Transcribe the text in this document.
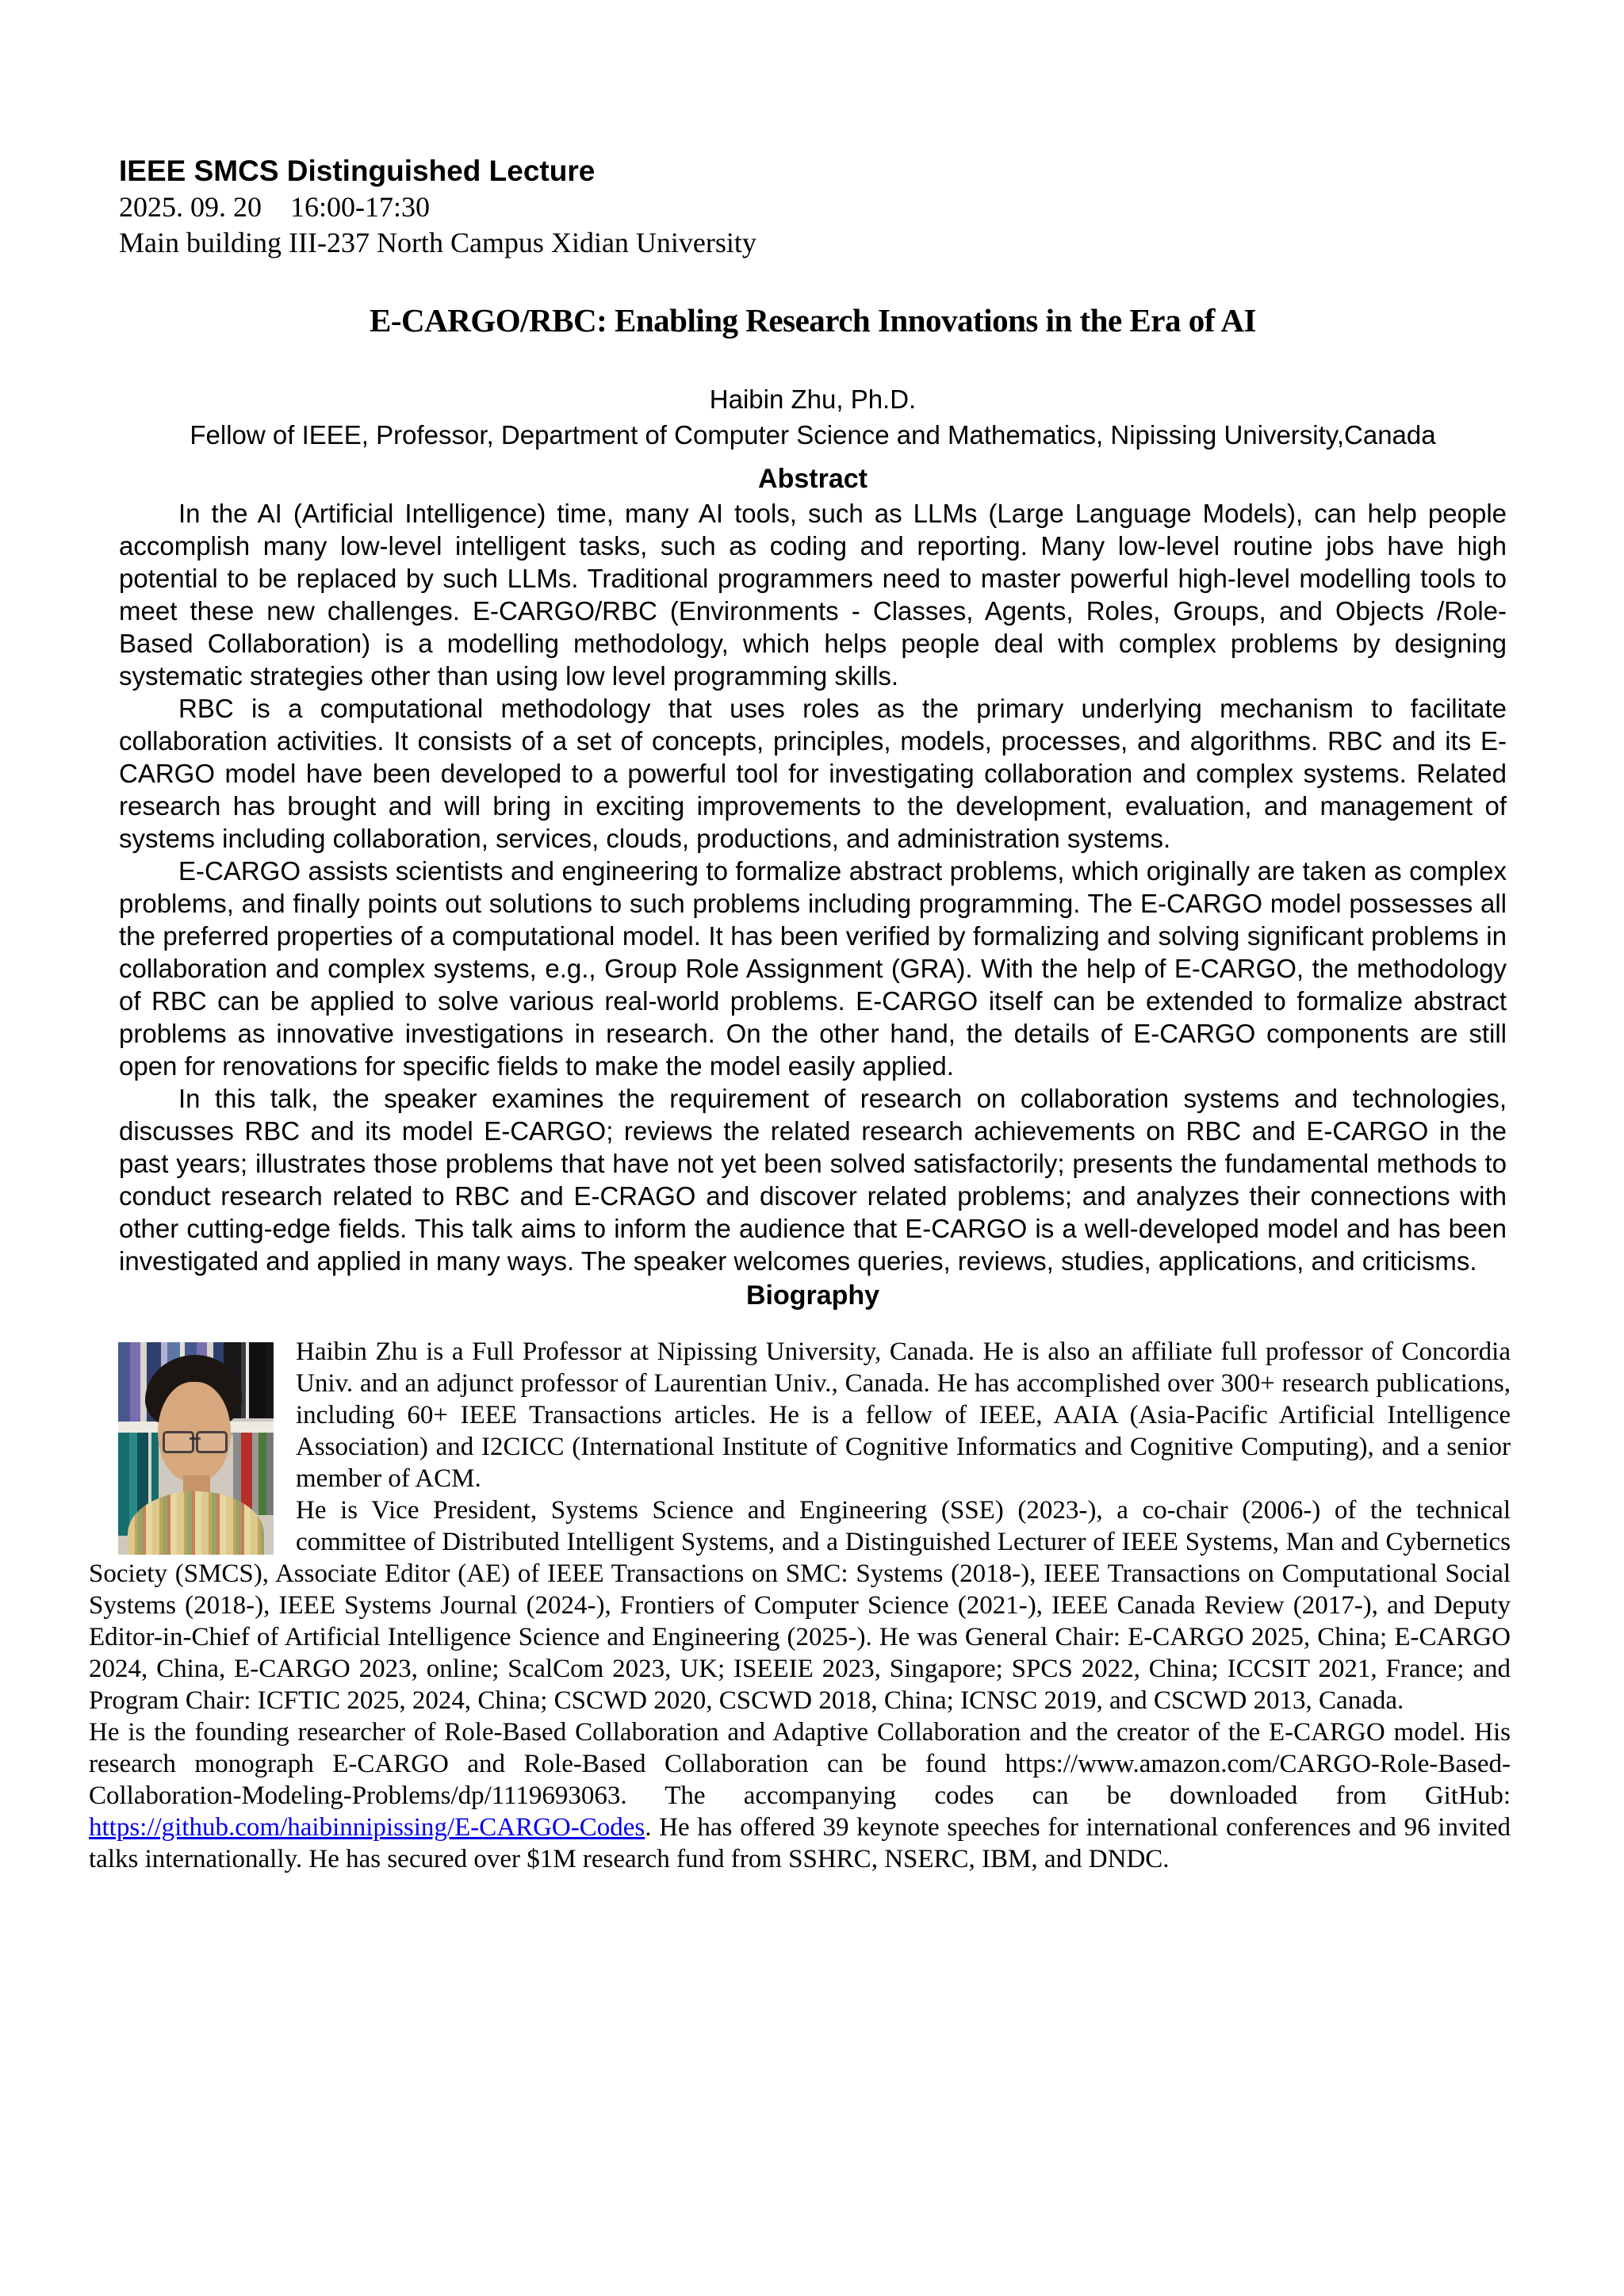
IEEE SMCS Distinguished Lecture
2025. 09. 20    16:00-17:30
Main building III-237 North Campus Xidian University
E-CARGO/RBC: Enabling Research Innovations in the Era of AI
Haibin Zhu, Ph.D.
Fellow of IEEE, Professor, Department of Computer Science and Mathematics, Nipissing University,Canada
Abstract

In the AI (Artificial Intelligence) time, many AI tools, such as LLMs (Large Language Models), can help people accomplish many low-level intelligent tasks, such as coding and reporting. Many low-level routine jobs have high potential to be replaced by such LLMs. Traditional programmers need to master powerful high-level modelling tools to meet these new challenges. E-CARGO/RBC (Environments - Classes, Agents, Roles, Groups, and Objects /Role-Based Collaboration) is a modelling methodology, which helps people deal with complex problems by designing systematic strategies other than using low level programming skills.

RBC is a computational methodology that uses roles as the primary underlying mechanism to facilitate collaboration activities. It consists of a set of concepts, principles, models, processes, and algorithms. RBC and its E-CARGO model have been developed to a powerful tool for investigating collaboration and complex systems. Related research has brought and will bring in exciting improvements to the development, evaluation, and management of systems including collaboration, services, clouds, productions, and administration systems.

E-CARGO assists scientists and engineering to formalize abstract problems, which originally are taken as complex problems, and finally points out solutions to such problems including programming. The E-CARGO model possesses all the preferred properties of a computational model. It has been verified by formalizing and solving significant problems in collaboration and complex systems, e.g., Group Role Assignment (GRA). With the help of E-CARGO, the methodology of RBC can be applied to solve various real-world problems. E-CARGO itself can be extended to formalize abstract problems as innovative investigations in research. On the other hand, the details of E-CARGO components are still open for renovations for specific fields to make the model easily applied.

In this talk, the speaker examines the requirement of research on collaboration systems and technologies, discusses RBC and its model E-CARGO; reviews the related research achievements on RBC and E-CARGO in the past years; illustrates those problems that have not yet been solved satisfactorily; presents the fundamental methods to conduct research related to RBC and E-CRAGO and discover related problems; and analyzes their connections with other cutting-edge fields. This talk aims to inform the audience that E-CARGO is a well-developed model and has been investigated and applied in many ways. The speaker welcomes queries, reviews, studies, applications, and criticisms.

Biography

Haibin Zhu is a Full Professor at Nipissing University, Canada. He is also an affiliate full professor of Concordia Univ. and an adjunct professor of Laurentian Univ., Canada. He has accomplished over 300+ research publications, including 60+ IEEE Transactions articles. He is a fellow of IEEE, AAIA (Asia-Pacific Artificial Intelligence Association) and I2CICC (International Institute of Cognitive Informatics and Cognitive Computing), and a senior member of ACM.

He is Vice President, Systems Science and Engineering (SSE) (2023-), a co-chair (2006-) of the technical committee of Distributed Intelligent Systems, and a Distinguished Lecturer of IEEE Systems, Man and Cybernetics Society (SMCS), Associate Editor (AE) of IEEE Transactions on SMC: Systems (2018-), IEEE Transactions on Computational Social Systems (2018-), IEEE Systems Journal (2024-), Frontiers of Computer Science (2021-), IEEE Canada Review (2017-), and Deputy Editor-in-Chief of Artificial Intelligence Science and Engineering (2025-). He was General Chair: E-CARGO 2025, China; E-CARGO 2024, China, E-CARGO 2023, online; ScalCom 2023, UK; ISEEIE 2023, Singapore; SPCS 2022, China; ICCSIT 2021, France; and Program Chair: ICFTIC 2025, 2024, China; CSCWD 2020, CSCWD 2018, China; ICNSC 2019, and CSCWD 2013, Canada.

He is the founding researcher of Role-Based Collaboration and Adaptive Collaboration and the creator of the E-CARGO model. His research monograph E-CARGO and Role-Based Collaboration can be found https://www.amazon.com/CARGO-Role-Based-Collaboration-Modeling-Problems/dp/1119693063. The accompanying codes can be downloaded from GitHub: https://github.com/haibinnipissing/E-CARGO-Codes. He has offered 39 keynote speeches for international conferences and 96 invited talks internationally. He has secured over $1M research fund from SSHRC, NSERC, IBM, and DNDC.
